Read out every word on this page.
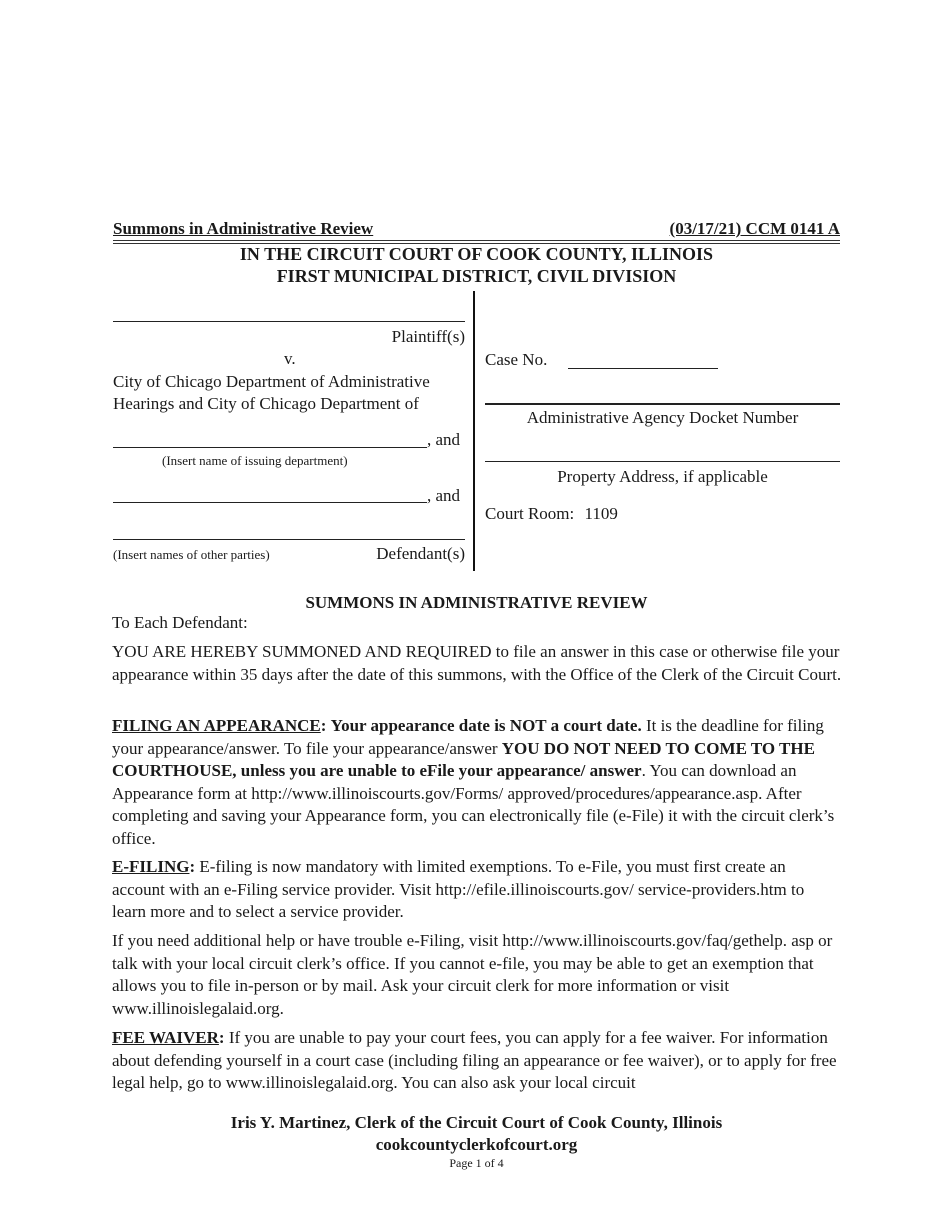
Summons in Administrative Review	(03/17/21) CCM 0141 A
IN THE CIRCUIT COURT OF COOK COUNTY, ILLINOIS
FIRST MUNICIPAL DISTRICT, CIVIL DIVISION
Plaintiff(s)
v.
City of Chicago Department of Administrative
Hearings and City of Chicago Department of
, and
(Insert name of issuing department)
, and
(Insert names of other parties)	Defendant(s)
Case No.
Administrative Agency Docket Number
Property Address, if applicable
Court Room: 1109
SUMMONS IN ADMINISTRATIVE REVIEW
To Each Defendant:
YOU ARE HEREBY SUMMONED AND REQUIRED to file an answer in this case or otherwise file your appearance within 35 days after the date of this summons, with the Office of the Clerk of the Circuit Court.
FILING AN APPEARANCE: Your appearance date is NOT a court date. It is the deadline for filing your appearance/answer. To file your appearance/answer YOU DO NOT NEED TO COME TO THE COURTHOUSE, unless you are unable to eFile your appearance/ answer. You can download an Appearance form at http://www.illinoiscourts.gov/Forms/ approved/procedures/appearance.asp. After completing and saving your Appearance form, you can electronically file (e-File) it with the circuit clerk’s office.
E-FILING: E-filing is now mandatory with limited exemptions. To e-File, you must first create an account with an e-Filing service provider. Visit http://efile.illinoiscourts.gov/ service-providers.htm to learn more and to select a service provider.
If you need additional help or have trouble e-Filing, visit http://www.illinoiscourts.gov/faq/gethelp. asp or talk with your local circuit clerk’s office. If you cannot e-file, you may be able to get an exemption that allows you to file in-person or by mail. Ask your circuit clerk for more information or visit www.illinoislegalaid.org.
FEE WAIVER: If you are unable to pay your court fees, you can apply for a fee waiver. For information about defending yourself in a court case (including filing an appearance or fee waiver), or to apply for free legal help, go to www.illinoislegalaid.org. You can also ask your local circuit
Iris Y. Martinez, Clerk of the Circuit Court of Cook County, Illinois
cookcountyclerkofcourt.org
Page 1 of 4
